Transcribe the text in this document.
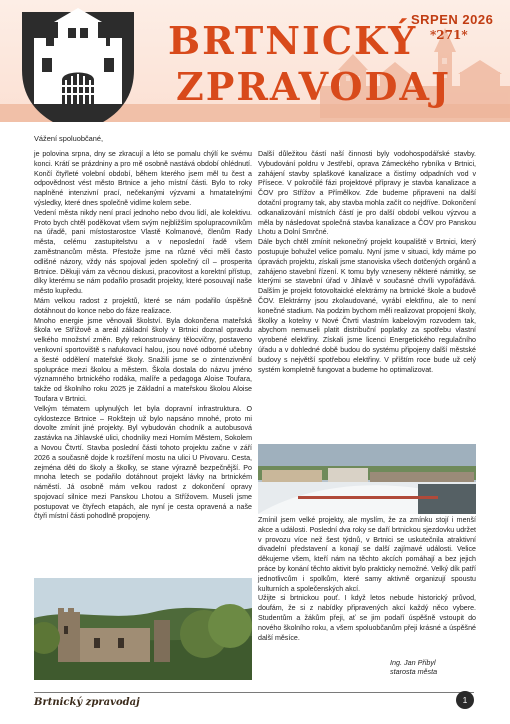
BRTNICKÝ
ZPRAVODAJ
SRPEN 2026
*271*
Vážení spoluobčané,

je polovina srpna, dny se zkracují a léto se pomalu chýlí ke svému konci. Krátí se prázdniny a pro mě osobně nastává období ohlédnutí. Končí čtyřleté volební období, během kterého jsem měl tu čest a odpovědnost vést město Brtnice a jeho místní části. Bylo to roky naplněné intenzivní prací, nečekanými výzvami a hmatatelnými výsledky, které dnes společně vidíme kolem sebe.

Vedení města nikdy není prací jednoho nebo dvou lidí, ale kolektivu. Proto bych chtěl poděkovat všem svým nejbližším spolupracovníkům na úřadě, pani místostarostce Vlastě Kolmanové, členům Rady města, celému zastupitelstvu a v neposlední řadě všem zaměstnancům města. Přestože jsme na různé věci měli často odlišné názory, vždy nás spojoval jeden společný cíl – prosperita Brtnice. Děkuji vám za věcnou diskusi, pracovitost a korektní přístup, díky kterému se nám podařilo prosadit projekty, které posouvají naše město kupředu.

Mám velkou radost z projektů, které se nám podařilo úspěšně dotáhnout do konce nebo do fáze realizace.

Mnoho energie jsme věnovali školství. Byla dokončena mateřská škola ve Střížově a areál základní školy v Brtnici doznal opravdu velkého množství změn. Byly rekonstruovány tělocvičny, postaveno venkovní sportoviště s nafukovací halou, jsou nové odborné učebny a šesté oddělení mateřské školy. Snažili jsme se o zintenzivnění spolupráce mezi školou a městem. Škola dostala do názvu jméno významného brtnického rodáka, malíře a pedagoga Aloise Toufara, takže od školního roku 2025 je Základní a mateřskou školou Aloise Toufara v Brtnici.

Velkým tématem uplynulých let byla dopravní infrastruktura. O cyklostezce Brtnice – Rokštejn už bylo napsáno mnohé, proto mi dovolte zmínit jiné projekty. Byl vybudován chodník a autobusová zastávka na Jihlavské ulici, chodníky mezi Horním Městem, Sokolem a Novou Čtvrtí. Stavba poslední části tohoto projektu začne v září 2026 a současně dojde k rozšíření mostu na ulici U Pivovaru. Cesta, zejména děti do školy a školky, se stane výrazně bezpečnější. Po mnoha letech se podařilo dotáhnout projekt lávky na brtnickém náměstí. Já osobně mám velkou radost z dokončení opravy spojovací silnice mezi Panskou Lhotou a Střížovem. Museli jsme postupovat ve čtyřech etapách, ale nyní je cesta opravená a naše čtyři místní části pohodlně propojeny.

Další důležitou částí naší činnosti byly vodohospodářské stavby. Vybudování poldru v Jestřebí, oprava Zámeckého rybníka v Brtnici, zahájení stavby splaškové kanalizace a čistírny odpadních vod v Přísece. V pokročilé fázi projektové přípravy je stavba kanalizace a ČOV pro Střížov a Přímělkov. Zde budeme připraveni na další dotační programy tak, aby stavba mohla začít co nejdříve. Dokončení odkanalizování místních částí je pro další období velkou výzvou a měla by následovat společná stavba kanalizace a ČOV pro Panskou Lhotu a Dolní Smrčné.

Dále bych chtěl zmínit nekonečný projekt koupaliště v Brtnici, který postupuje bohužel velice pomalu. Nyní jsme v situaci, kdy máme po úpravách projektu, získali jsme stanoviska všech dotčených orgánů a zahájeno stavební řízení. K tomu byly vzneseny některé námitky, se kterými se stavební úřad v Jihlavě v současné chvíli vypořádává. Dalším je projekt fotovoltaické elektrárny na brtnické škole a budově ČOV. Elektrárny jsou zkolaudované, vyrábí elektřinu, ale to není konečné stadium. Na podzim bychom měli realizovat propojení školy, školky a kotelny v Nové Čtvrti vlastním kabelovým rozvodem tak, abychom nemuseli platit distribuční poplatky za spotřebu vlastní vyrobené elektřiny. Získali jsme licenci Energetického regulačního úřadu a v dohledné době budou do systému připojeny další městské budovy s největší spotřebou elektřiny. V příštím roce bude už celý systém kompletně fungovat a budeme ho optimalizovat.

Zmínil jsem velké projekty, ale myslím, že za zmínku stojí i menší akce a události. Poslední dva roky se daří brtnickou sjezdovku udržet v provozu více než šest týdnů, v Brtnici se uskutečnila atraktivní divadelní představení a konají se další zajímavé události. Velice děkujeme všem, kteří nám na těchto akcích pomáhají a bez jejich práce by konání těchto aktivit bylo prakticky nemožné. Velký dík patří jednotlivcům i spolkům, které samy aktivně organizují spoustu kulturních a společenských akcí.

Užijte si brtnickou pouť. I když letos nebude historický průvod, doufám, že si z nabídky připravených akcí každý něco vybere. Studentům a žákům přeji, ať se jim podaří úspěšně vstoupit do nového školního roku, a všem spoluobčanům přeji krásné a úspěšné další měsíce.

Ing. Jan Přibyl
starosta města
Brtnický zpravodaj	1
